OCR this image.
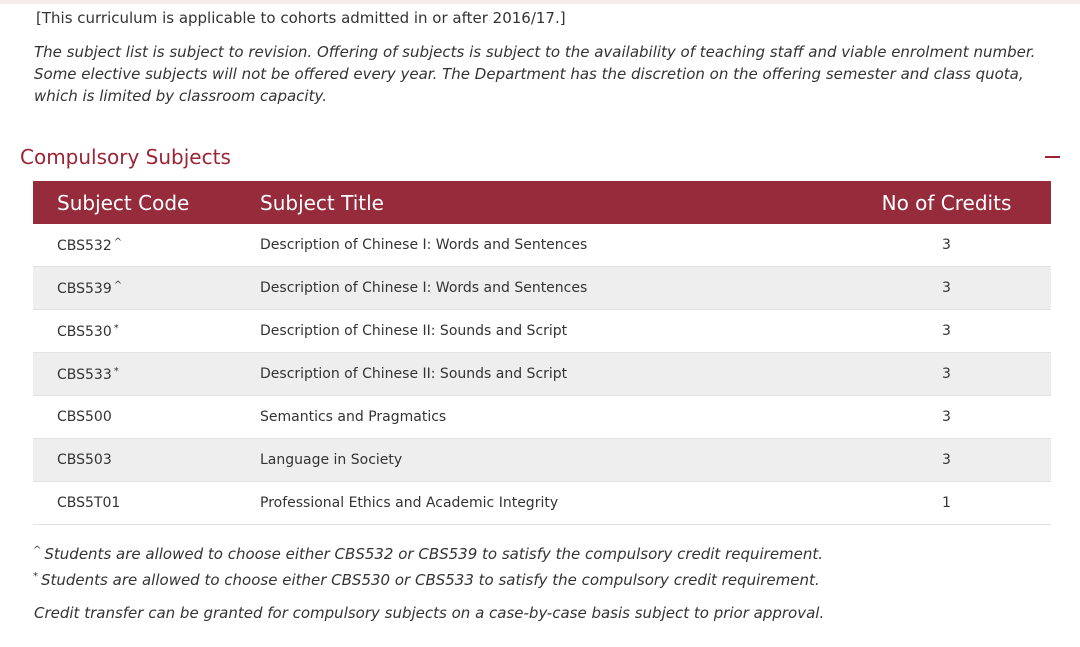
[This curriculum is applicable to cohorts admitted in or after 2016/17.]
The subject list is subject to revision. Offering of subjects is subject to the availability of teaching staff and viable enrolment number. Some elective subjects will not be offered every year. The Department has the discretion on the offering semester and class quota, which is limited by classroom capacity.
Compulsory Subjects
Subject Code	Subject Title	No of Credits
CBS532 ^	Description of Chinese I: Words and Sentences	3
CBS539 ^	Description of Chinese I: Words and Sentences	3
CBS530 *	Description of Chinese II: Sounds and Script	3
CBS533 *	Description of Chinese II: Sounds and Script	3
CBS500	Semantics and Pragmatics	3
CBS503	Language in Society	3
CBS5T01	Professional Ethics and Academic Integrity	1
^ Students are allowed to choose either CBS532 or CBS539 to satisfy the compulsory credit requirement.
* Students are allowed to choose either CBS530 or CBS533 to satisfy the compulsory credit requirement.
Credit transfer can be granted for compulsory subjects on a case-by-case basis subject to prior approval.
